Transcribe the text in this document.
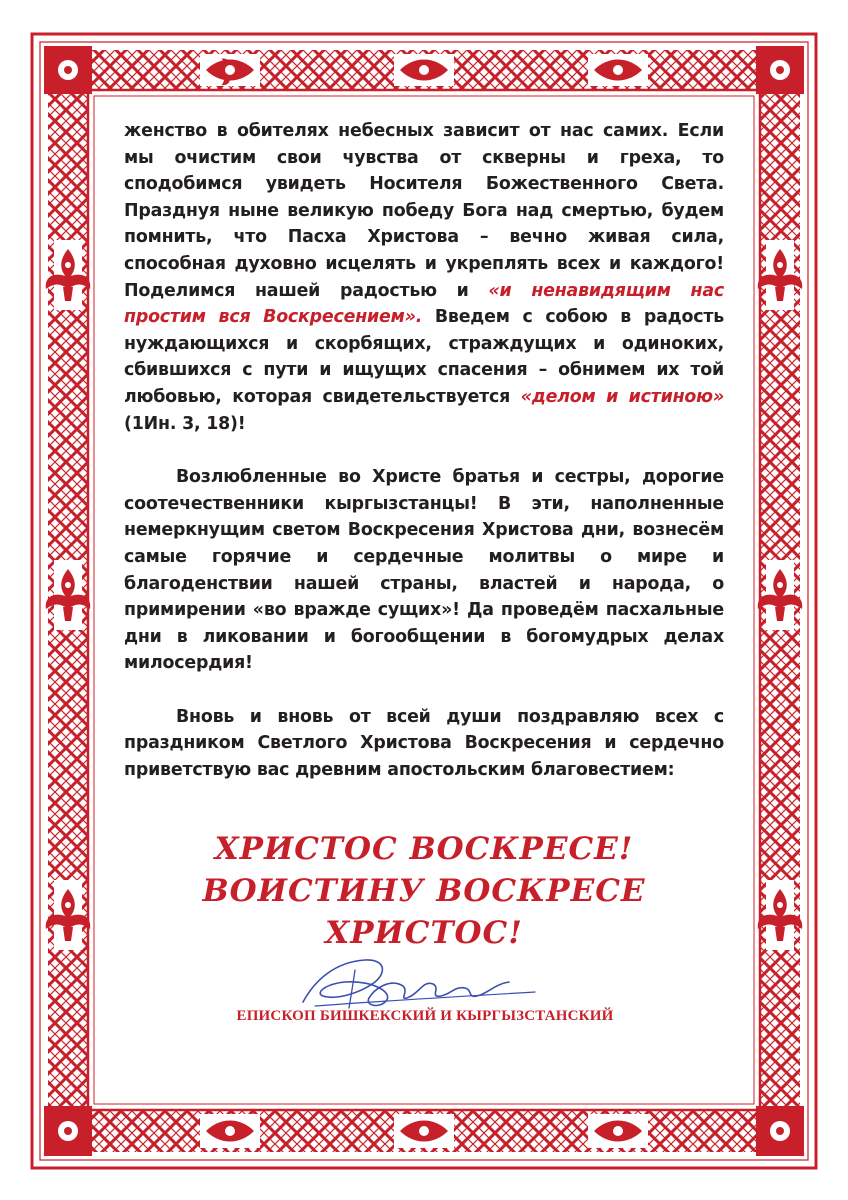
женство в обителях небесных зависит от нас самих. Если мы очистим свои чувства от скверны и греха, то сподобимся увидеть Носителя Божественного Света. Празднуя ныне великую победу Бога над смертью, будем помнить, что Пасха Христова – вечно живая сила, способная духовно исцелять и укреплять всех и каждого! Поделимся нашей радостью и «и ненавидящим нас простим вся Воскресением». Введем с собою в радость нуждающихся и скорбящих, страждущих и одиноких, сбившихся с пути и ищущих спасения – обнимем их той любовью, которая свидетельствуется «делом и истиною» (1Ин. 3, 18)!

Возлюбленные во Христе братья и сестры, дорогие соотечественники кыргызстанцы! В эти, наполненные немеркнущим светом Воскресения Христова дни, вознесём самые горячие и сердечные молитвы о мире и благоденствии нашей страны, властей и народа, о примирении «во вражде сущих»! Да проведём пасхальные дни в ликовании и богообщении в богомудрых делах милосердия!

Вновь и вновь от всей души поздравляю всех с праздником Светлого Христова Воскресения и сердечно приветствую вас древним апостольским благовестием:

ХРИСТОС ВОСКРЕСЕ!
ВОИСТИНУ ВОСКРЕСЕ ХРИСТОС!
ЕПИСКОП БИШКЕКСКИЙ И КЫРГЫЗСТАНСКИЙ
